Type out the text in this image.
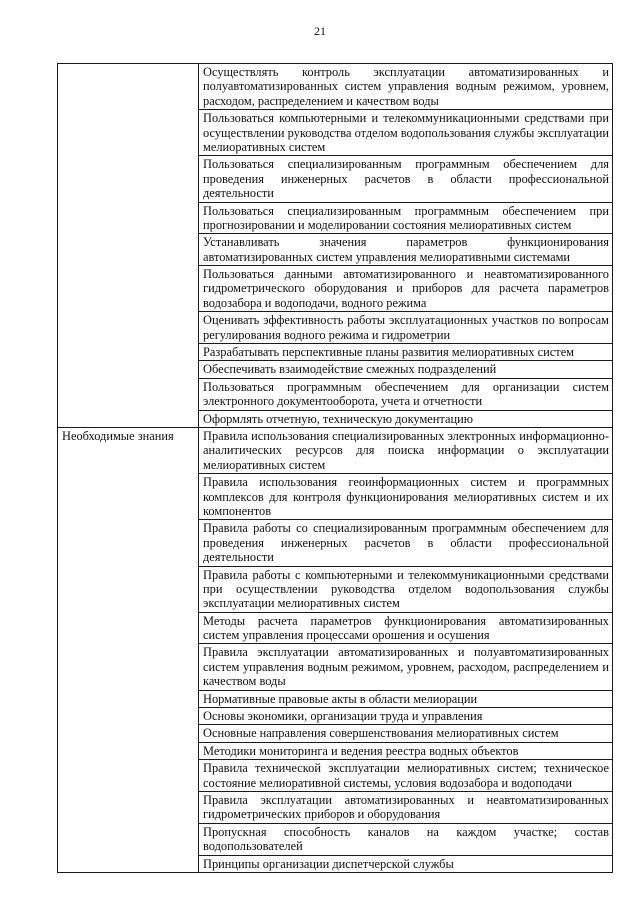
21
	Осуществлять контроль эксплуатации автоматизированных и полуавтоматизированных систем управления водным режимом, уровнем, расходом, распределением и качеством воды
	Пользоваться компьютерными и телекоммуникационными средствами при осуществлении руководства отделом водопользования службы эксплуатации мелиоративных систем
	Пользоваться специализированным программным обеспечением для проведения инженерных расчетов в области профессиональной деятельности
	Пользоваться специализированным программным обеспечением при прогнозировании и моделировании состояния мелиоративных систем
	Устанавливать значения параметров функционирования автоматизированных систем управления мелиоративными системами
	Пользоваться данными автоматизированного и неавтоматизированного гидрометрического оборудования и приборов для расчета параметров водозабора и водоподачи, водного режима
	Оценивать эффективность работы эксплуатационных участков по вопросам регулирования водного режима и гидрометрии
	Разрабатывать перспективные планы развития мелиоративных систем
	Обеспечивать взаимодействие смежных подразделений
	Пользоваться программным обеспечением для организации систем электронного документооборота, учета и отчетности
	Оформлять отчетную, техническую документацию
Необходимые знания	Правила использования специализированных электронных информационно-аналитических ресурсов для поиска информации о эксплуатации мелиоративных систем
	Правила использования геоинформационных систем и программных комплексов для контроля функционирования мелиоративных систем и их компонентов
	Правила работы со специализированным программным обеспечением для проведения инженерных расчетов в области профессиональной деятельности
	Правила работы с компьютерными и телекоммуникационными средствами при осуществлении руководства отделом водопользования службы эксплуатации мелиоративных систем
	Методы расчета параметров функционирования автоматизированных систем управления процессами орошения и осушения
	Правила эксплуатации автоматизированных и полуавтоматизированных систем управления водным режимом, уровнем, расходом, распределением и качеством воды
	Нормативные правовые акты в области мелиорации
	Основы экономики, организации труда и управления
	Основные направления совершенствования мелиоративных систем
	Методики мониторинга и ведения реестра водных объектов
	Правила технической эксплуатации мелиоративных систем; техническое состояние мелиоративной системы, условия водозабора и водоподачи
	Правила эксплуатации автоматизированных и неавтоматизированных гидрометрических приборов и оборудования
	Пропускная способность каналов на каждом участке; состав водопользователей
	Принципы организации диспетчерской службы
